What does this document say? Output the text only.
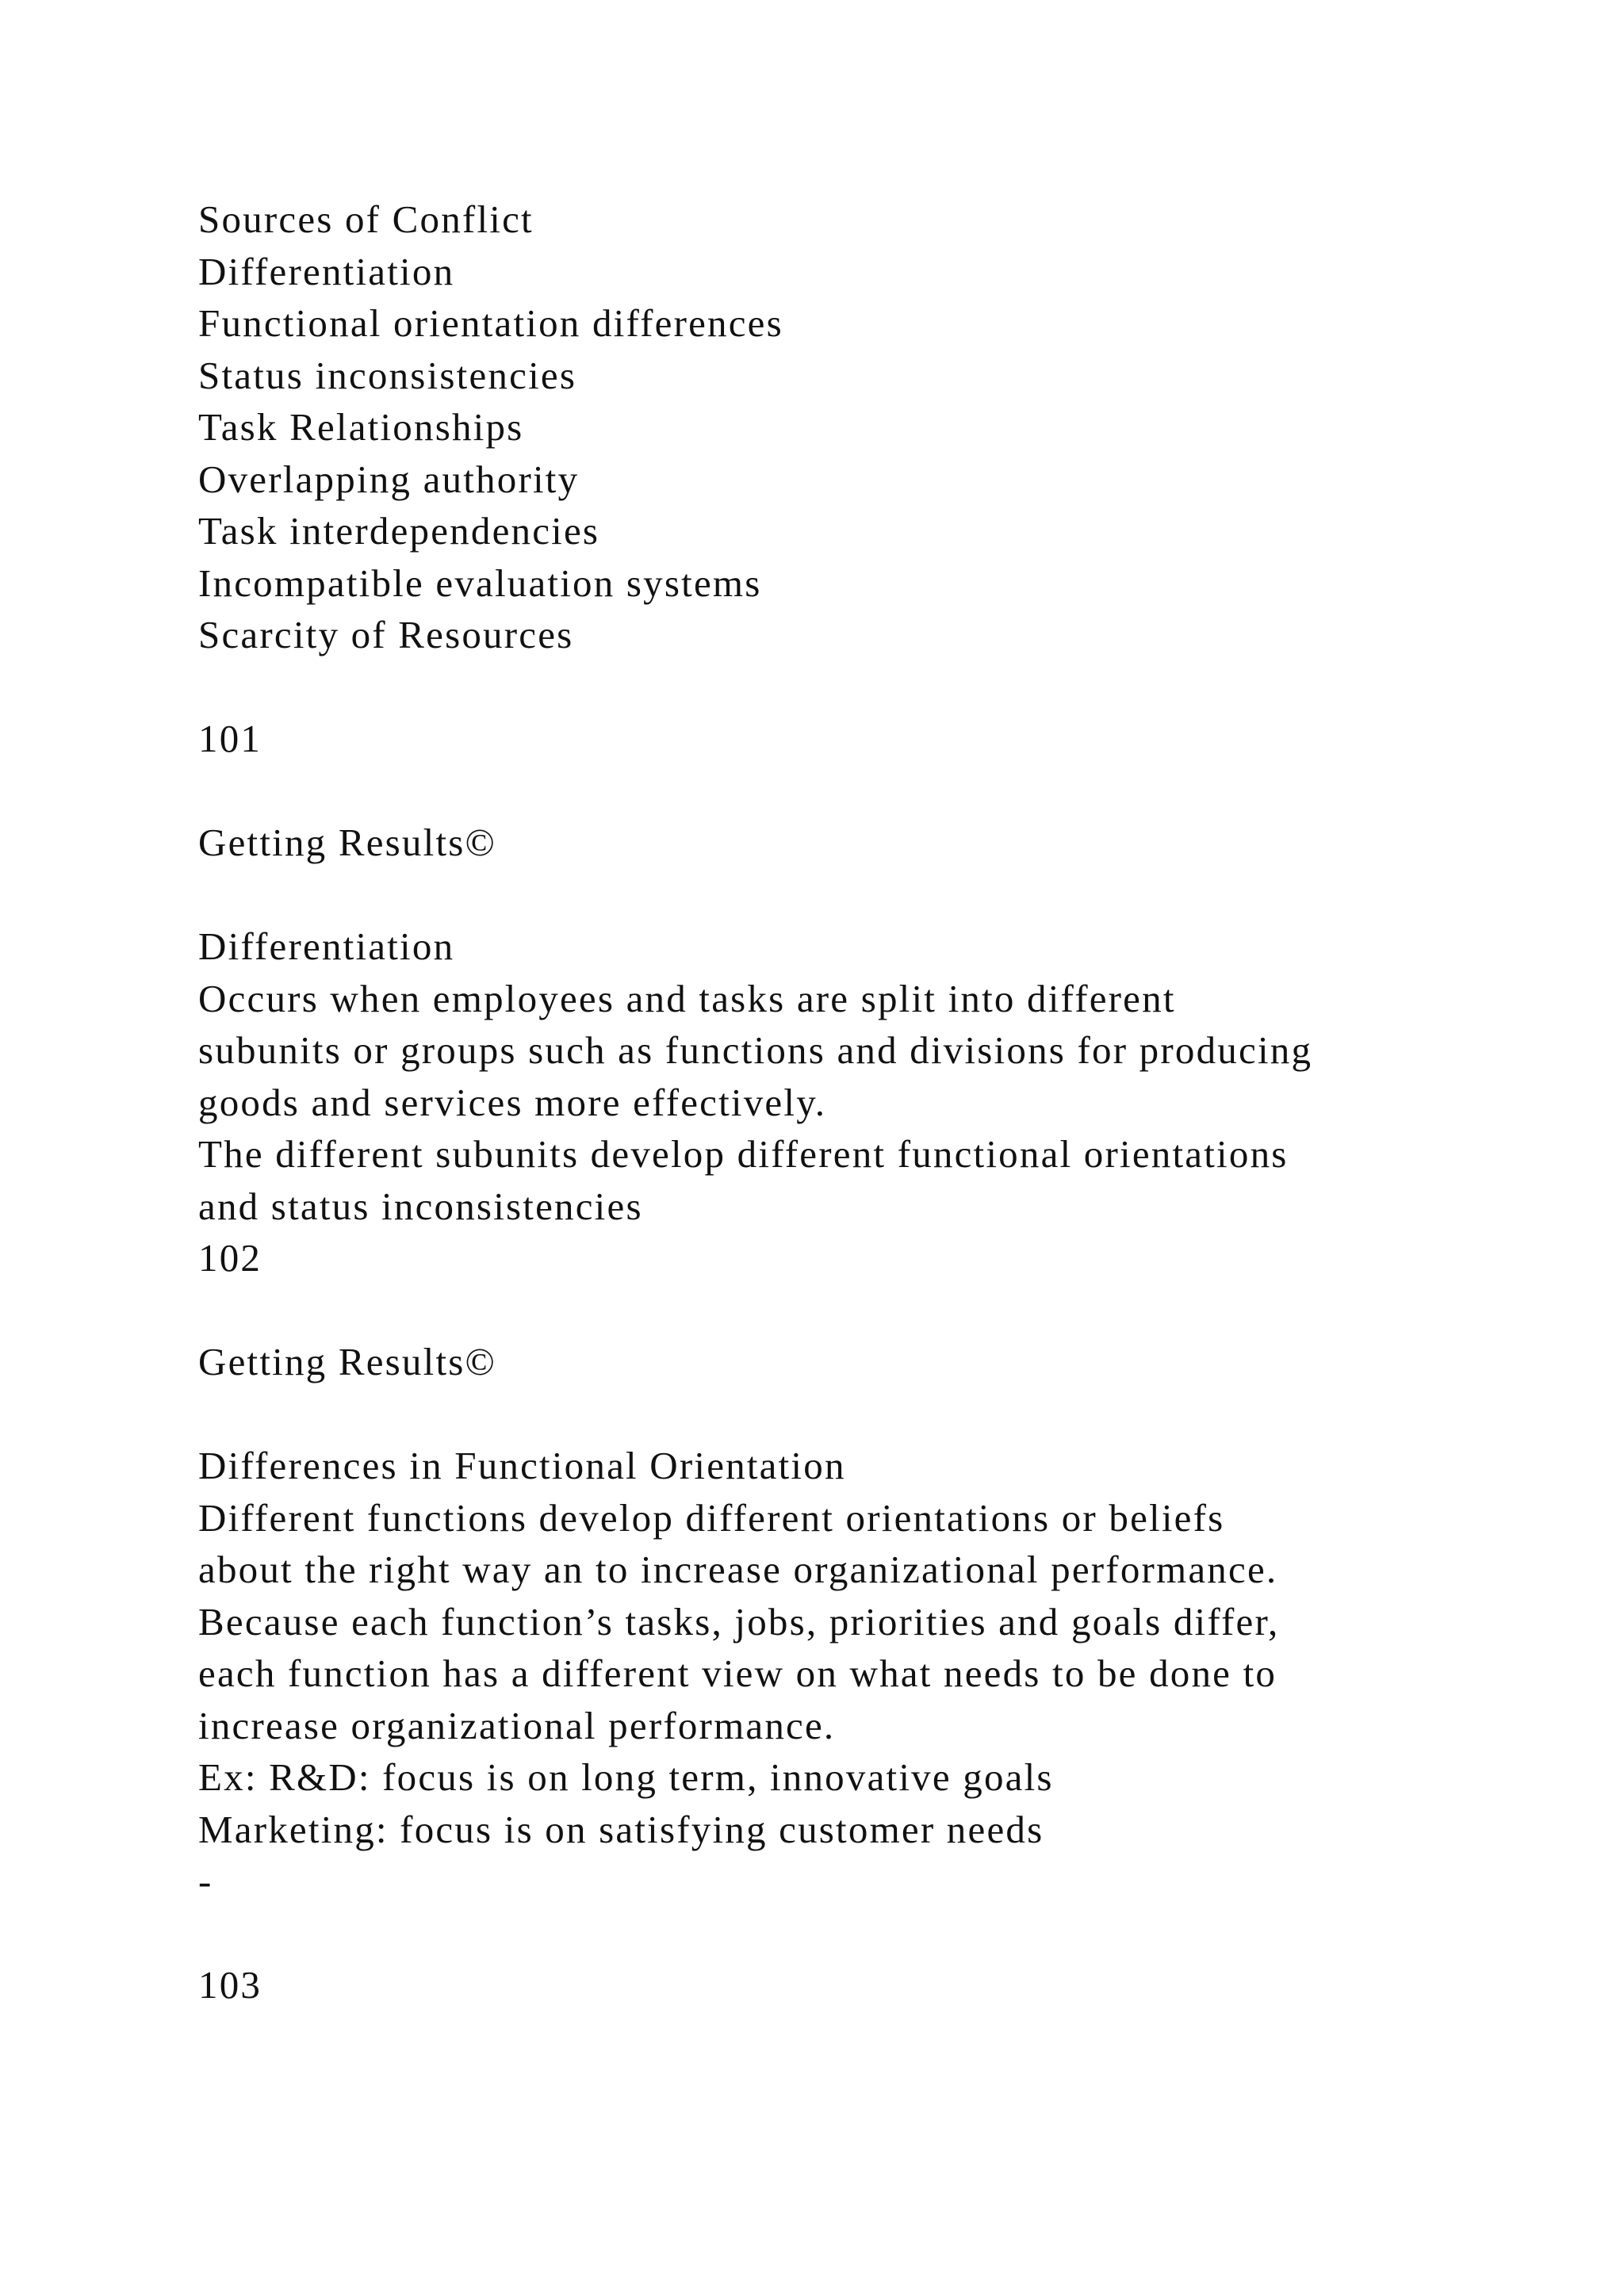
Sources of Conflict
Differentiation
Functional orientation differences
Status inconsistencies
Task Relationships
Overlapping authority
Task interdependencies
Incompatible evaluation systems
Scarcity of Resources
101
Getting Results©
Differentiation
Occurs when employees and tasks are split into different
subunits or groups such as functions and divisions for producing
goods and services more effectively.
The different subunits develop different functional orientations
and status inconsistencies
102
Getting Results©
Differences in Functional Orientation
Different functions develop different orientations or beliefs
about the right way an to increase organizational performance.
Because each function’s tasks, jobs, priorities and goals differ,
each function has a different view on what needs to be done to
increase organizational performance.
Ex: R&D: focus is on long term, innovative goals
Marketing: focus is on satisfying customer needs
-
103
